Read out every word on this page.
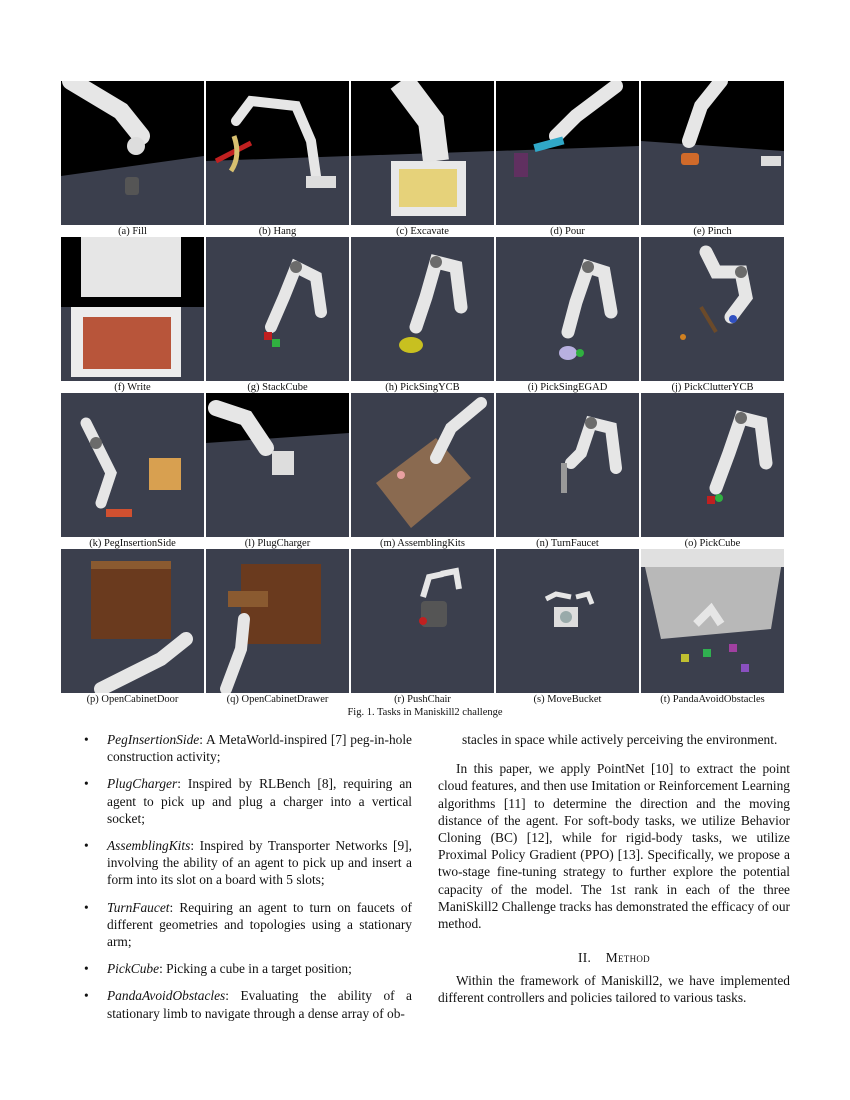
(a) Fill	(b) Hang	(c) Excavate	(d) Pour	(e) Pinch
(f) Write	(g) StackCube	(h) PickSingYCB	(i) PickSingEGAD	(j) PickClutterYCB
(k) PegInsertionSide	(l) PlugCharger	(m) AssemblingKits	(n) TurnFaucet	(o) PickCube
(p) OpenCabinetDoor	(q) OpenCabinetDrawer	(r) PushChair	(s) MoveBucket	(t) PandaAvoidObstacles
Fig. 1. Tasks in Maniskill2 challenge
• PegInsertionSide: A MetaWorld-inspired [7] peg-in-hole construction activity;
• PlugCharger: Inspired by RLBench [8], requiring an agent to pick up and plug a charger into a vertical socket;
• AssemblingKits: Inspired by Transporter Networks [9], involving the ability of an agent to pick up and insert a form into its slot on a board with 5 slots;
• TurnFaucet: Requiring an agent to turn on faucets of different geometries and topologies using a stationary arm;
• PickCube: Picking a cube in a target position;
• PandaAvoidObstacles: Evaluating the ability of a stationary limb to navigate through a dense array of ob-
stacles in space while actively perceiving the environment.
In this paper, we apply PointNet [10] to extract the point cloud features, and then use Imitation or Reinforcement Learning algorithms [11] to determine the direction and the moving distance of the agent. For soft-body tasks, we utilize Behavior Cloning (BC) [12], while for rigid-body tasks, we utilize Proximal Policy Gradient (PPO) [13]. Specifically, we propose a two-stage fine-tuning strategy to further explore the potential capacity of the model. The 1st rank in each of the three ManiSkill2 Challenge tracks has demonstrated the efficacy of our method.
II. Method
Within the framework of Maniskill2, we have implemented different controllers and policies tailored to various tasks.
